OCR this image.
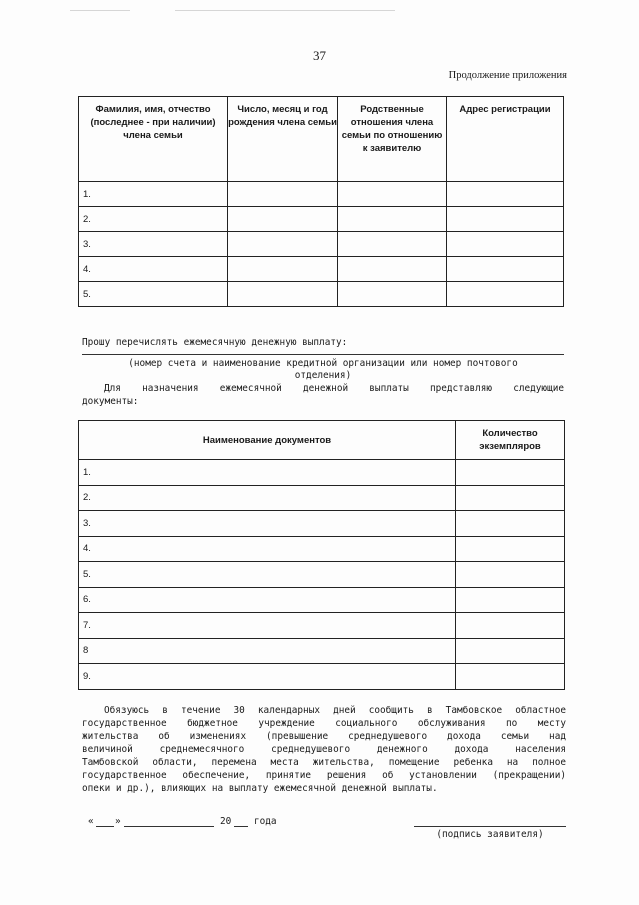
37
Продолжение приложения
Фамилия, имя, отчество (последнее - при наличии) члена семьи	Число, месяц и год рождения члена семьи	Родственные отношения члена семьи по отношению к заявителю	Адрес регистрации
1.			
2.			
3.			
4.			
5.			
Прошу перечислять ежемесячную денежную выплату:
(номер счета и наименование кредитной организации или номер почтового
отделения)
Для назначения ежемесячной денежной выплаты представляю следующие
документы:
Наименование документов	Количество экземпляров
1.	
2.	
3.	
4.	
5.	
6.	
7.	
8	
9.	
Обязуюсь в течение 30 календарных дней сообщить в Тамбовское областное
государственное бюджетное учреждение социального обслуживания по месту
жительства об изменениях (превышение среднедушевого дохода семьи над
величиной среднемесячного среднедушевого денежного дохода населения
Тамбовской области, перемена места жительства, помещение ребенка на полное
государственное обеспечение, принятие решения об установлении (прекращении)
опеки и др.), влияющих на выплату ежемесячной денежной выплаты.
« »	20 года
(подпись заявителя)
